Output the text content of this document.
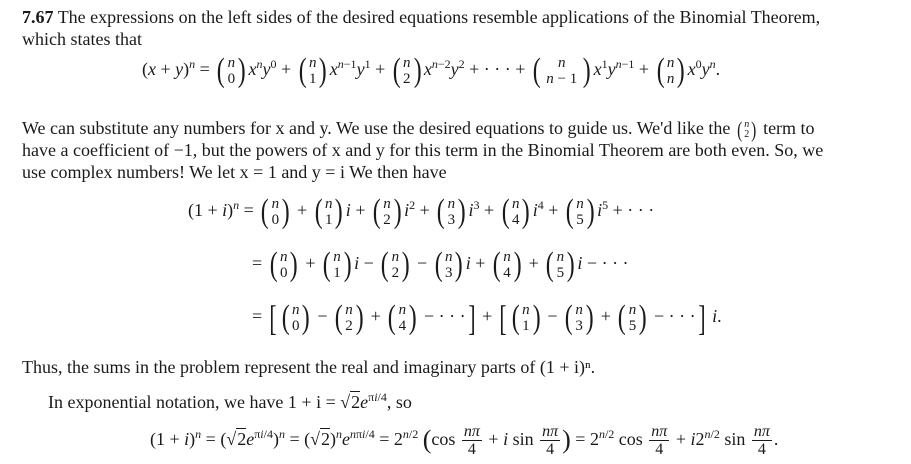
7.67 The expressions on the left sides of the desired equations resemble applications of the Binomial Theorem,
which states that
$(x + y)^n$ = ( n
0 ) $x^ny^0$ + ( n
1 ) $x^{n-1}y^1$ + ( n
2 ) $x^{n-2}y^2$ + · · · + ( n
n − 1 ) $x^1y^{n-1}$ + ( n
n ) $x^0y^n$.
We can substitute any numbers for x and y. We use the desired equations to guide us. We'd like the ( n
2 ) term to
have a coefficient of −1, but the powers of x and y for this term in the Binomial Theorem are both even. So, we
use complex numbers! We let x = 1 and y = i We then have
$(1 + i)^n$ = ( n
0 ) + ( n
1 ) i + ( n
2 ) $i^2$ + ( n
3 ) $i^3$ + ( n
4 ) $i^4$ + ( n
5 ) $i^5$ + · · ·
= ( n
0 ) + ( n
1 ) i − ( n
2 ) − ( n
3 ) i + ( n
4 ) + ( n
5 ) i − · · ·
= [ ( n
0 ) − ( n
2 ) + ( n
4 ) − · · ·] + [ ( n
1 ) − ( n
3 ) + ( n
5 ) − · · ·] i.
Thus, the sums in the problem represent the real and imaginary parts of (1 + i)ⁿ.
In exponential notation, we have $1 + i = √2e^{\pi i/4}$, so
$(1 + i)^n = (√2e^{\pi i/4})^n = (√2)^ne^{n\pi i/4} = 2^{n/2}$ ($\cos \frac{n\pi}{4} + i$ $\sin \frac{n\pi}{4}$ ) = $2^{n/2}$ $\cos \frac{n\pi}{4} + i2^{n/2}$ $\sin \frac{n\pi}{4}$ .
